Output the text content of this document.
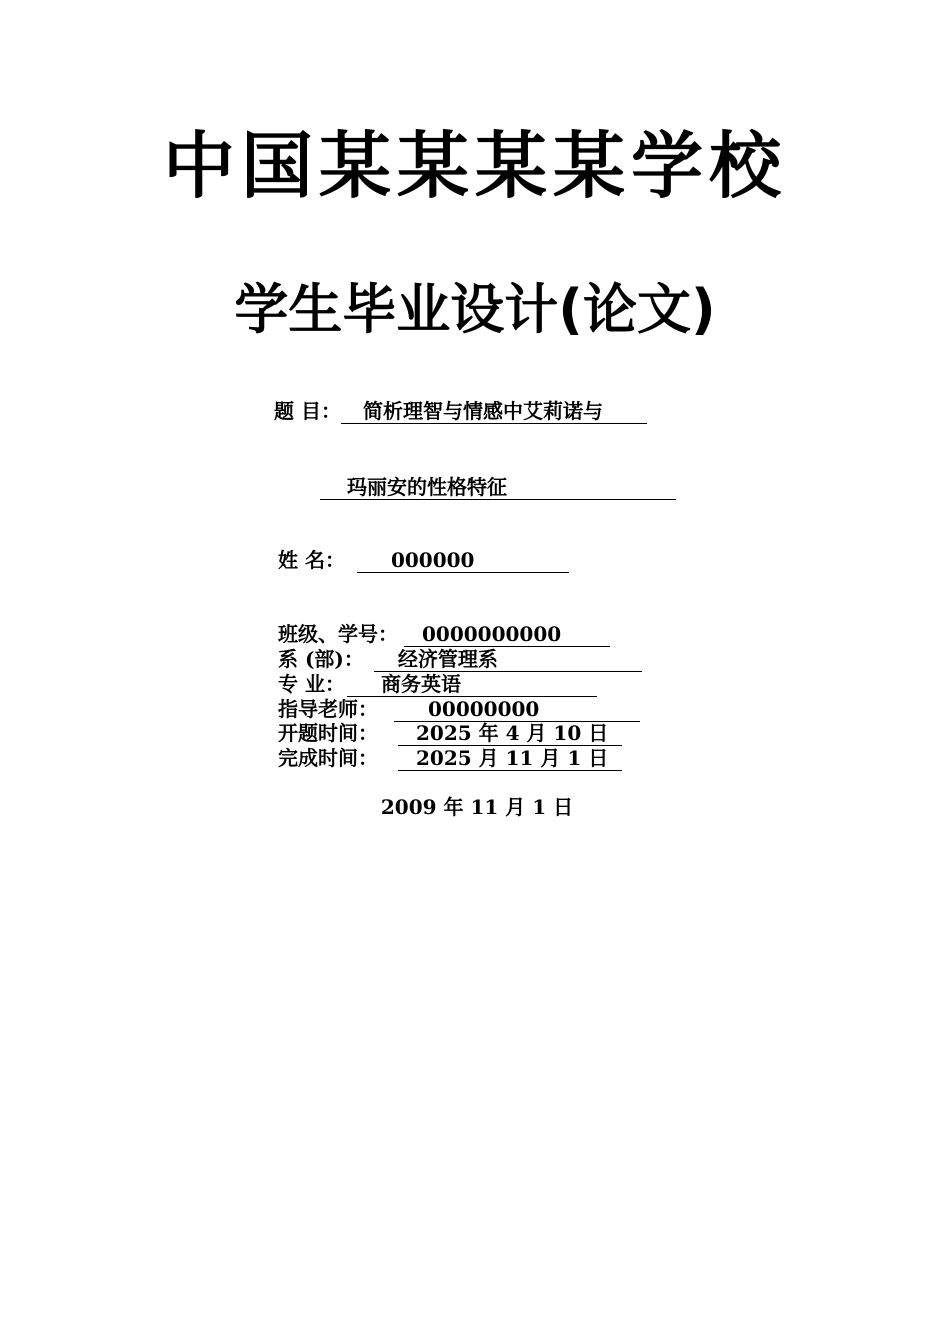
中国某某某某学校
学生毕业设计(论文)
题 目： 简析理智与情感中艾莉诺与
玛丽安的性格特征
姓 名： 000000
班级、学号： 0000000000
系 (部)： 经济管理系
专 业： 商务英语
指导老师：	00000000
开题时间： 2025 年 4 月 10 日
完成时间： 2025 月 11 月 1 日
2009 年 11 月 1 日
